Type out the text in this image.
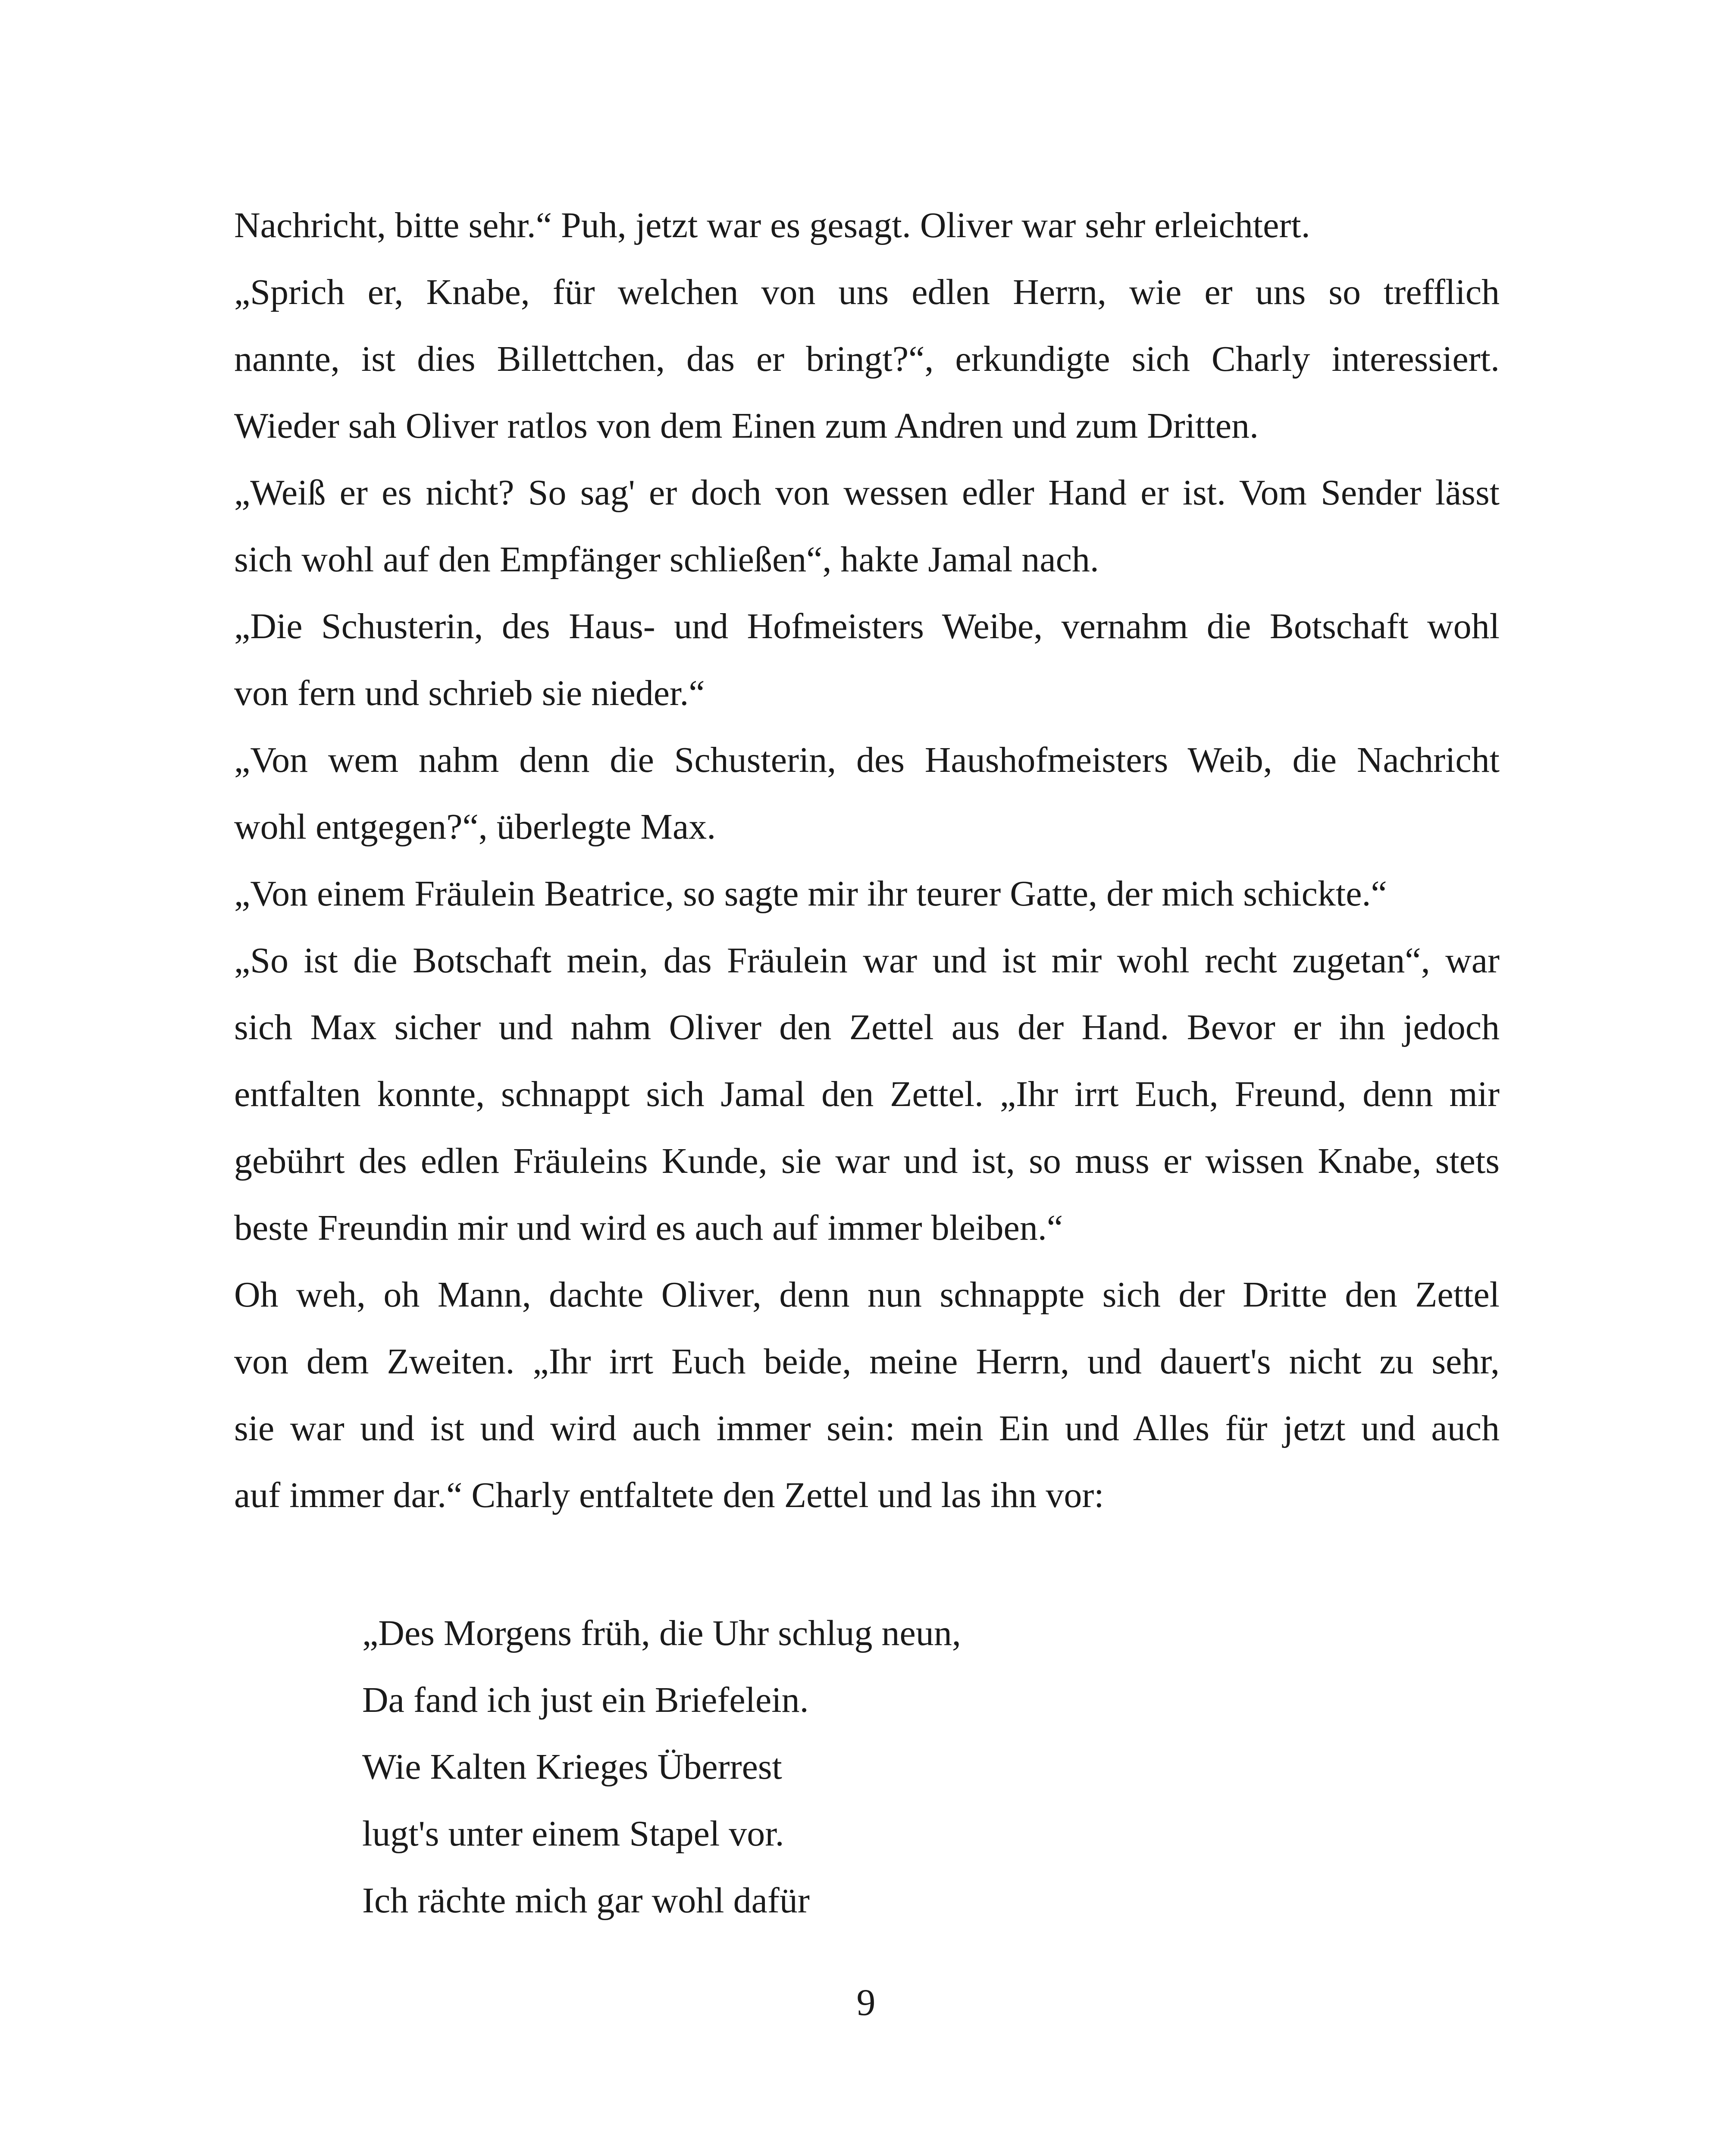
Nachricht, bitte sehr.“ Puh, jetzt war es gesagt. Oliver war sehr erleichtert.
„Sprich er, Knabe, für welchen von uns edlen Herrn, wie er uns so trefflich
nannte, ist dies Billettchen, das er bringt?“, erkundigte sich Charly interessiert.
Wieder sah Oliver ratlos von dem Einen zum Andren und zum Dritten.
„Weiß er es nicht? So sag' er doch von wessen edler Hand er ist. Vom Sender lässt
sich wohl auf den Empfänger schließen“, hakte Jamal nach.
„Die Schusterin, des Haus- und Hofmeisters Weibe, vernahm die Botschaft wohl
von fern und schrieb sie nieder.“
„Von wem nahm denn die Schusterin, des Haushofmeisters Weib, die Nachricht
wohl entgegen?“, überlegte Max.
„Von einem Fräulein Beatrice, so sagte mir ihr teurer Gatte, der mich schickte.“
„So ist die Botschaft mein, das Fräulein war und ist mir wohl recht zugetan“, war
sich Max sicher und nahm Oliver den Zettel aus der Hand. Bevor er ihn jedoch
entfalten konnte, schnappt sich Jamal den Zettel. „Ihr irrt Euch, Freund, denn mir
gebührt des edlen Fräuleins Kunde, sie war und ist, so muss er wissen Knabe, stets
beste Freundin mir und wird es auch auf immer bleiben.“
Oh weh, oh Mann, dachte Oliver, denn nun schnappte sich der Dritte den Zettel
von dem Zweiten. „Ihr irrt Euch beide, meine Herrn, und dauert's nicht zu sehr,
sie war und ist und wird auch immer sein: mein Ein und Alles für jetzt und auch
auf immer dar.“ Charly entfaltete den Zettel und las ihn vor:
„Des Morgens früh, die Uhr schlug neun,
Da fand ich just ein Briefelein.
Wie Kalten Krieges Überrest
lugt's unter einem Stapel vor.
Ich rächte mich gar wohl dafür
9
